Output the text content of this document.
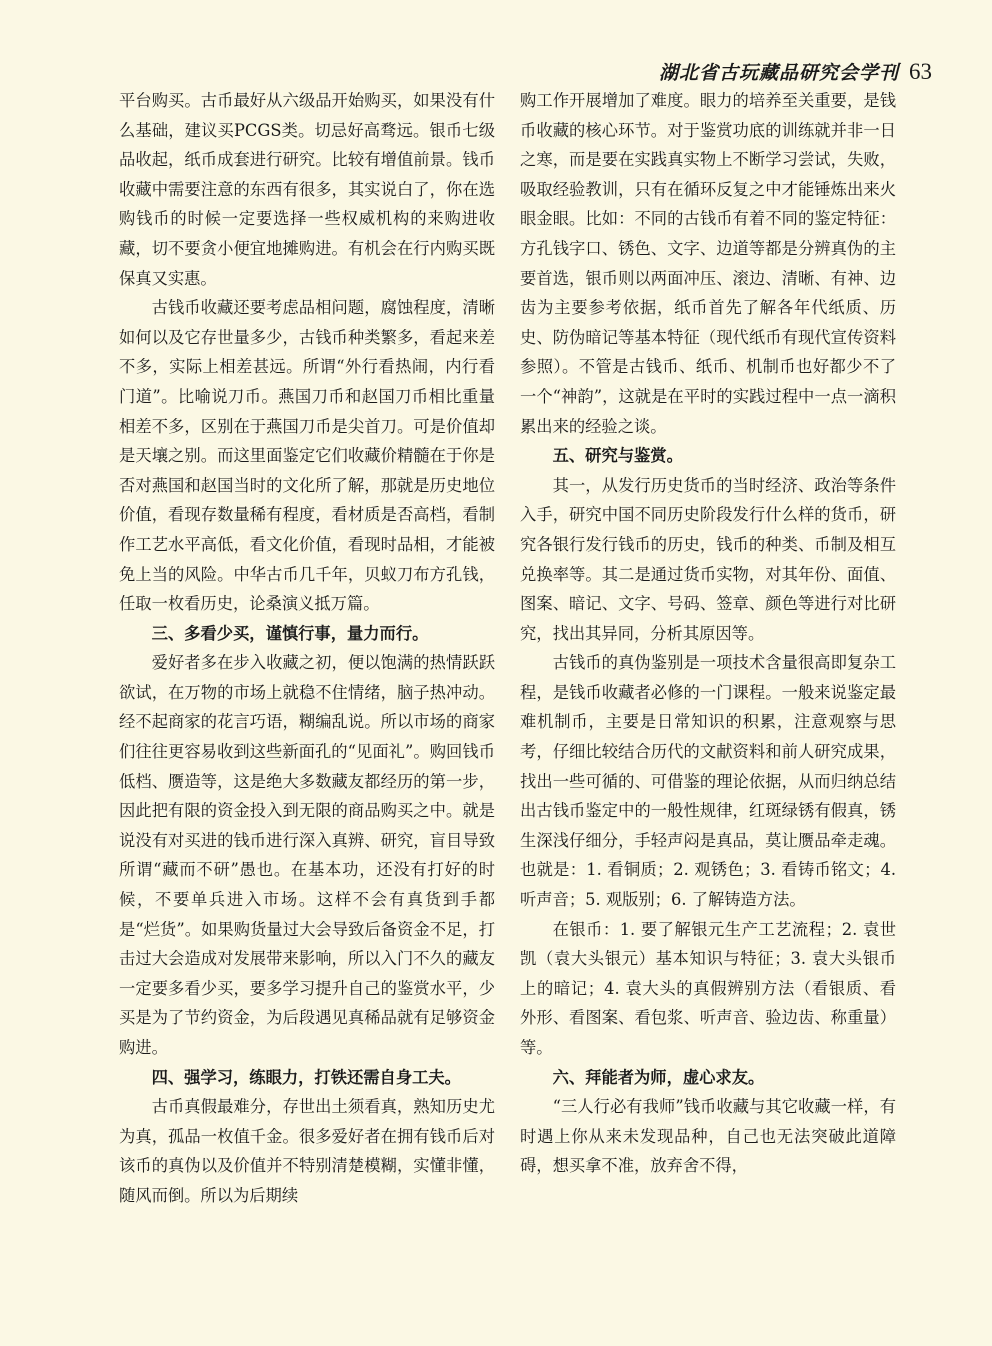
湖北省古玩藏品研究会学刊 63

平台购买。古币最好从六级品开始购买，如果没有什么基础，建议买PCGS类。切忌好高骛远。银币七级品收起，纸币成套进行研究。比较有增值前景。钱币收藏中需要注意的东西有很多，其实说白了，你在选购钱币的时候一定要选择一些权威机构的来购进收藏，切不要贪小便宜地摊购进。有机会在行内购买既保真又实惠。

古钱币收藏还要考虑品相问题，腐蚀程度，清晰如何以及它存世量多少，古钱币种类繁多，看起来差不多，实际上相差甚远。所谓“外行看热闹，内行看门道”。比喻说刀币。燕国刀币和赵国刀币相比重量相差不多，区别在于燕国刀币是尖首刀。可是价值却是天壤之别。而这里面鉴定它们收藏价精髓在于你是否对燕国和赵国当时的文化所了解，那就是历史地位价值，看现存数量稀有程度，看材质是否高档，看制作工艺水平高低，看文化价值，看现时品相，才能被免上当的风险。中华古币几千年，贝蚁刀布方孔钱，任取一枚看历史，论桑演义抵万篇。

三、多看少买，谨慎行事，量力而行。

爱好者多在步入收藏之初，便以饱满的热情跃跃欲试，在万物的市场上就稳不住情绪，脑子热冲动。经不起商家的花言巧语，糊编乱说。所以市场的商家们往往更容易收到这些新面孔的“见面礼”。购回钱币低档、赝造等，这是绝大多数藏友都经历的第一步，因此把有限的资金投入到无限的商品购买之中。就是说没有对买进的钱币进行深入真辨、研究，盲目导致所谓“藏而不研”愚也。在基本功，还没有打好的时候，不要单兵进入市场。这样不会有真货到手都是“烂货”。如果购货量过大会导致后备资金不足，打击过大会造成对发展带来影响，所以入门不久的藏友一定要多看少买，要多学习提升自己的鉴赏水平，少买是为了节约资金，为后段遇见真稀品就有足够资金购进。

四、强学习，练眼力，打铁还需自身工夫。

古币真假最难分，存世出土须看真，熟知历史尤为真，孤品一枚值千金。很多爱好者在拥有钱币后对该币的真伪以及价值并不特别清楚模糊，实懂非懂，随风而倒。所以为后期续

购工作开展增加了难度。眼力的培养至关重要，是钱币收藏的核心环节。对于鉴赏功底的训练就并非一日之寒，而是要在实践真实物上不断学习尝试，失败，吸取经验教训，只有在循环反复之中才能锤炼出来火眼金眼。比如：不同的古钱币有着不同的鉴定特征：方孔钱字口、锈色、文字、边道等都是分辨真伪的主要首选，银币则以两面冲压、滚边、清晰、有神、边齿为主要参考依据，纸币首先了解各年代纸质、历史、防伪暗记等基本特征（现代纸币有现代宣传资料参照）。不管是古钱币、纸币、机制币也好都少不了一个“神韵”，这就是在平时的实践过程中一点一滴积累出来的经验之谈。

五、研究与鉴赏。

其一，从发行历史货币的当时经济、政治等条件入手，研究中国不同历史阶段发行什么样的货币，研究各银行发行钱币的历史，钱币的种类、币制及相互兑换率等。其二是通过货币实物，对其年份、面值、图案、暗记、文字、号码、签章、颜色等进行对比研究，找出其异同，分析其原因等。

古钱币的真伪鉴别是一项技术含量很高即复杂工程，是钱币收藏者必修的一门课程。一般来说鉴定最难机制币，主要是日常知识的积累，注意观察与思考，仔细比较结合历代的文献资料和前人研究成果，找出一些可循的、可借鉴的理论依据，从而归纳总结出古钱币鉴定中的一般性规律，红斑绿锈有假真，锈生深浅仔细分，手轻声闷是真品，莫让赝品牵走魂。也就是：1. 看铜质；2. 观锈色；3. 看铸币铭文；4. 听声音；5. 观版别；6. 了解铸造方法。

在银币：1. 要了解银元生产工艺流程；2. 袁世凯（袁大头银元）基本知识与特征；3. 袁大头银币上的暗记；4. 袁大头的真假辨别方法（看银质、看外形、看图案、看包浆、听声音、验边齿、称重量）等。

六、拜能者为师，虚心求友。

“三人行必有我师”钱币收藏与其它收藏一样，有时遇上你从来未发现品种，自己也无法突破此道障碍，想买拿不准，放弃舍不得，
